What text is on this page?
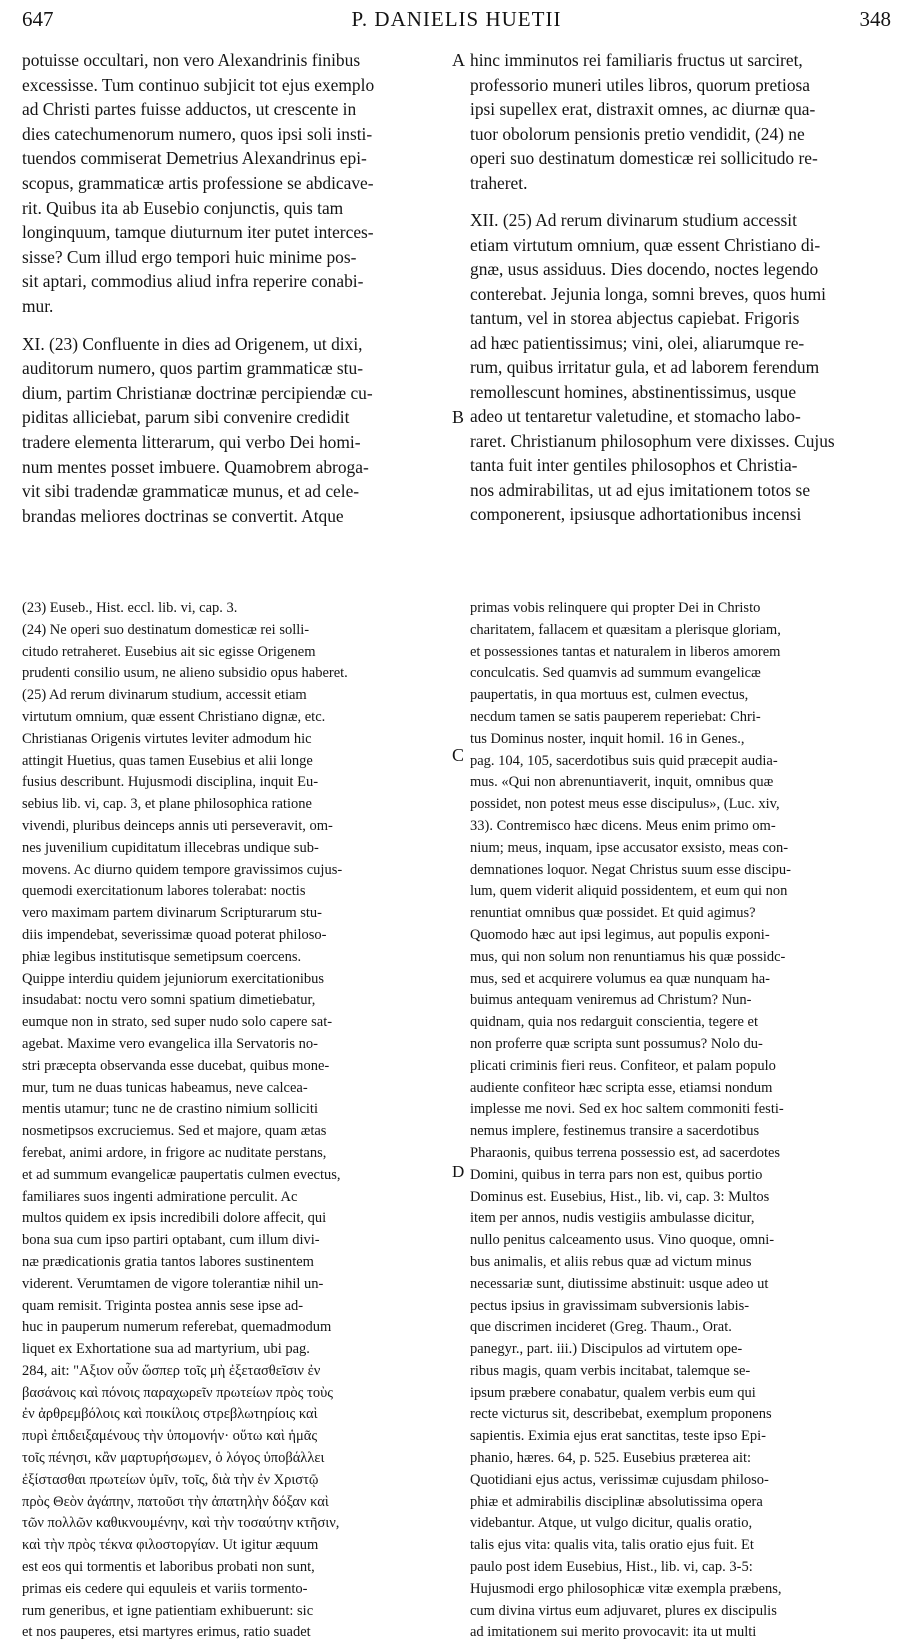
647	P. DANIELIS HUETII	348
A
B
C
D
potuisse occultari, non vero Alexandrinis finibus
excessisse. Tum continuo subjicit tot ejus exemplo
ad Christi partes fuisse adductos, ut crescente in
dies catechumenorum numero, quos ipsi soli insti-
tuendos commiserat Demetrius Alexandrinus epi-
scopus, grammaticæ artis professione se abdicave-
rit. Quibus ita ab Eusebio conjunctis, quis tam
longinquum, tamque diuturnum iter putet interces-
sisse? Cum illud ergo tempori huic minime pos-
sit aptari, commodius aliud infra reperire conabi-
mur.
XI. (23) Confluente in dies ad Origenem, ut dixi,
auditorum numero, quos partim grammaticæ stu-
dium, partim Christianæ doctrinæ percipiendæ cu-
piditas alliciebat, parum sibi convenire credidit
tradere elementa litterarum, qui verbo Dei homi-
num mentes posset imbuere. Quamobrem abroga-
vit sibi tradendæ grammaticæ munus, et ad cele-
brandas meliores doctrinas se convertit. Atque
hinc imminutos rei familiaris fructus ut sarciret,
professorio muneri utiles libros, quorum pretiosa
ipsi supellex erat, distraxit omnes, ac diurnæ qua-
tuor obolorum pensionis pretio vendidit, (24) ne
operi suo destinatum domesticæ rei sollicitudo re-
traheret.
XII. (25) Ad rerum divinarum studium accessit
etiam virtutum omnium, quæ essent Christiano di-
gnæ, usus assiduus. Dies docendo, noctes legendo
conterebat. Jejunia longa, somni breves, quos humi
tantum, vel in storea abjectus capiebat. Frigoris
ad hæc patientissimus; vini, olei, aliarumque re-
rum, quibus irritatur gula, et ad laborem ferendum
remollescunt homines, abstinentissimus, usque
adeo ut tentaretur valetudine, et stomacho labo-
raret. Christianum philosophum vere dixisses. Cujus
tanta fuit inter gentiles philosophos et Christia-
nos admirabilitas, ut ad ejus imitationem totos se
componerent, ipsiusque adhortationibus incensi
(23) Euseb., Hist. eccl. lib. vi, cap. 3.
(24) Ne operi suo destinatum domesticæ rei solli-
citudo retraheret. Eusebius ait sic egisse Origenem
prudenti consilio usum, ne alieno subsidio opus haberet.
(25) Ad rerum divinarum studium, accessit etiam
virtutum omnium, quæ essent Christiano dignæ, etc.
Christianas Origenis virtutes leviter admodum hic
attingit Huetius, quas tamen Eusebius et alii longe
fusius describunt. Hujusmodi disciplina, inquit Eu-
sebius lib. vi, cap. 3, et plane philosophica ratione
vivendi, pluribus deinceps annis uti perseveravit, om-
nes juvenilium cupiditatum illecebras undique sub-
movens. Ac diurno quidem tempore gravissimos cujus-
quemodi exercitationum labores tolerabat: noctis
vero maximam partem divinarum Scripturarum stu-
diis impendebat, severissimæ quoad poterat philoso-
phiæ legibus institutisque semetipsum coercens.
Quippe interdiu quidem jejuniorum exercitationibus
insudabat: noctu vero somni spatium dimetiebatur,
eumque non in strato, sed super nudo solo capere sat-
agebat. Maxime vero evangelica illa Servatoris no-
stri præcepta observanda esse ducebat, quibus mone-
mur, tum ne duas tunicas habeamus, neve calcea-
mentis utamur; tunc ne de crastino nimium solliciti
nosmetipsos excruciemus. Sed et majore, quam ætas
ferebat, animi ardore, in frigore ac nuditate perstans,
et ad summum evangelicæ paupertatis culmen evectus,
familiares suos ingenti admiratione perculit. Ac
multos quidem ex ipsis incredibili dolore affecit, qui
bona sua cum ipso partiri optabant, cum illum divi-
næ prædicationis gratia tantos labores sustinentem
viderent. Verumtamen de vigore tolerantiæ nihil un-
quam remisit. Triginta postea annis sese ipse ad-
huc in pauperum numerum referebat, quemadmodum
liquet ex Exhortatione sua ad martyrium, ubi pag.
284, ait: "Αξιον οὖν ὥσπερ τοῖς μὴ ἐξετασθεῖσιν ἐν
βασάνοις καὶ πόνοις παραχωρεῖν πρωτείων πρὸς τοὺς
ἐν ἀρθρεμβόλοις καὶ ποικίλοις στρεβλωτηρίοις καὶ
πυρὶ ἐπιδειξαμένους τὴν ὑπομονήν· οὕτω καὶ ἡμᾶς
τοῖς πένησι, κἂν μαρτυρήσωμεν, ὁ λόγος ὑποβάλλει
ἐξίστασθαι πρωτείων ὑμῖν, τοῖς, διὰ τὴν ἐν Χριστῷ
πρὸς Θεὸν ἀγάπην, πατοῦσι τὴν ἀπατηλὴν δόξαν καὶ
τῶν πολλῶν καθικνουμένην, καὶ τὴν τοσαύτην κτῆσιν,
καὶ τὴν πρὸς τέκνα φιλοστοργίαν. Ut igitur æquum
est eos qui tormentis et laboribus probati non sunt,
primas eis cedere qui equuleis et variis tormento-
rum generibus, et igne patientiam exhibuerunt: sic
et nos pauperes, etsi martyres erimus, ratio suadet
primas vobis relinquere qui propter Dei in Christo
charitatem, fallacem et quæsitam a plerisque gloriam,
et possessiones tantas et naturalem in liberos amorem
conculcatis. Sed quamvis ad summum evangelicæ
paupertatis, in qua mortuus est, culmen evectus,
necdum tamen se satis pauperem reperiebat: Chri-
tus Dominus noster, inquit homil. 16 in Genes.,
pag. 104, 105, sacerdotibus suis quid præcepit audia-
mus. «Qui non abrenuntiaverit, inquit, omnibus quæ
possidet, non potest meus esse discipulus», (Luc. xiv,
33). Contremisco hæc dicens. Meus enim primo om-
nium; meus, inquam, ipse accusator exsisto, meas con-
demnationes loquor. Negat Christus suum esse discipu-
lum, quem viderit aliquid possidentem, et eum qui non
renuntiat omnibus quæ possidet. Et quid agimus?
Quomodo hæc aut ipsi legimus, aut populis exponi-
mus, qui non solum non renuntiamus his quæ possidc-
mus, sed et acquirere volumus ea quæ nunquam ha-
buimus antequam veniremus ad Christum? Nun-
quidnam, quia nos redarguit conscientia, tegere et
non proferre quæ scripta sunt possumus? Nolo du-
plicati criminis fieri reus. Confiteor, et palam populo
audiente confiteor hæc scripta esse, etiamsi nondum
implesse me novi. Sed ex hoc saltem commoniti festi-
nemus implere, festinemus transire a sacerdotibus
Pharaonis, quibus terrena possessio est, ad sacerdotes
Domini, quibus in terra pars non est, quibus portio
Dominus est. Eusebius, Hist., lib. vi, cap. 3: Multos
item per annos, nudis vestigiis ambulasse dicitur,
nullo penitus calceamento usus. Vino quoque, omni-
bus animalis, et aliis rebus quæ ad victum minus
necessariæ sunt, diutissime abstinuit: usque adeo ut
pectus ipsius in gravissimam subversionis labis-
que discrimen incideret (Greg. Thaum., Orat.
panegyr., part. iii.) Discipulos ad virtutem ope-
ribus magis, quam verbis incitabat, talemque se-
ipsum præbere conabatur, qualem verbis eum qui
recte victurus sit, describebat, exemplum proponens
sapientis. Eximia ejus erat sanctitas, teste ipso Epi-
phanio, hæres. 64, p. 525. Eusebius præterea ait:
Quotidiani ejus actus, verissimæ cujusdam philoso-
phiæ et admirabilis disciplinæ absolutissima opera
videbantur. Atque, ut vulgo dicitur, qualis oratio,
talis ejus vita: qualis vita, talis oratio ejus fuit. Et
paulo post idem Eusebius, Hist., lib. vi, cap. 3-5:
Hujusmodi ergo philosophicæ vitæ exempla præbens,
cum divina virtus eum adjuvaret, plures ex discipulis
ad imitationem sui merito provocavit: ita ut multi
